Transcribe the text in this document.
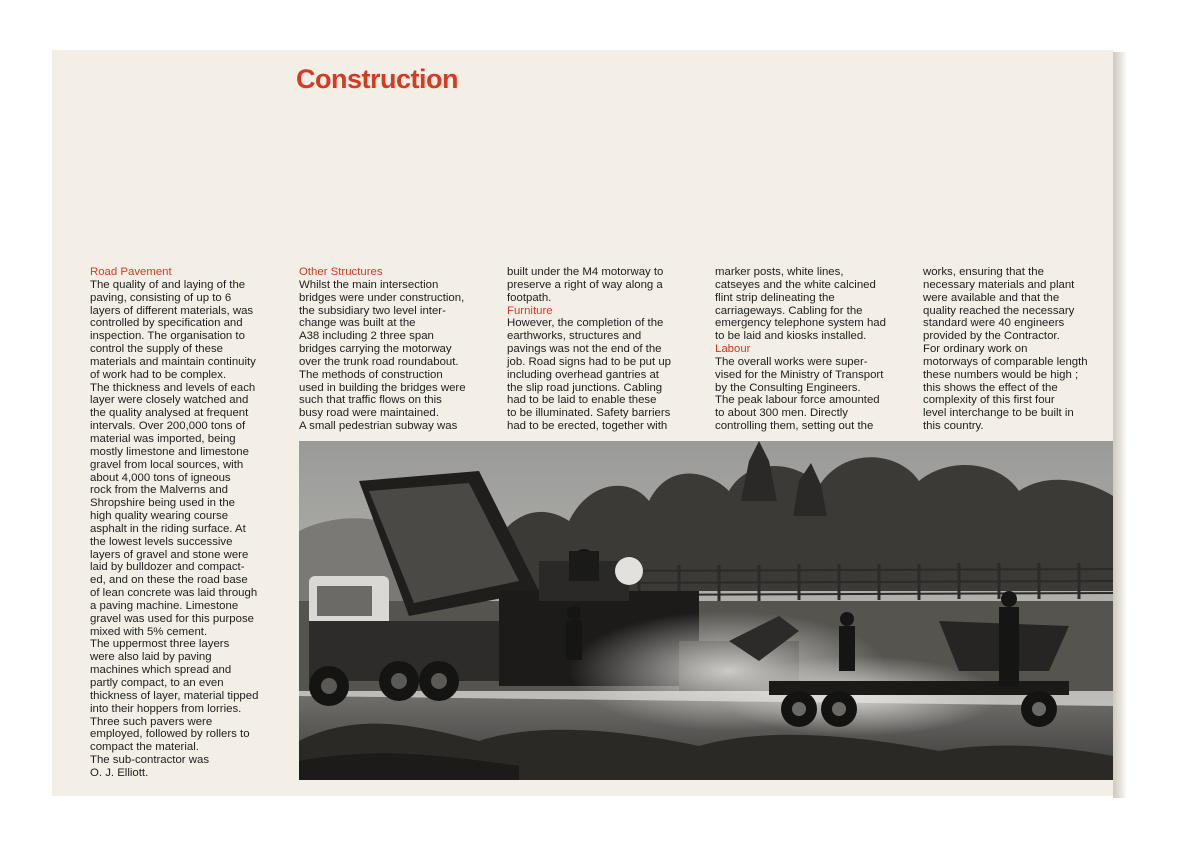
Construction
Road Pavement

The quality of and laying of the
paving, consisting of up to 6
layers of different materials, was
controlled by specification and
inspection. The organisation to
control the supply of these
materials and maintain continuity
of work had to be complex.

The thickness and levels of each
layer were closely watched and
the quality analysed at frequent
intervals. Over 200,000 tons of
material was imported, being
mostly limestone and limestone
gravel from local sources, with
about 4,000 tons of igneous
rock from the Malverns and
Shropshire being used in the
high quality wearing course
asphalt in the riding surface. At
the lowest levels successive
layers of gravel and stone were
laid by bulldozer and compact-
ed, and on these the road base
of lean concrete was laid through
a paving machine. Limestone
gravel was used for this purpose
mixed with 5% cement.

The uppermost three layers
were also laid by paving
machines which spread and
partly compact, to an even
thickness of layer, material tipped
into their hoppers from lorries.
Three such pavers were
employed, followed by rollers to
compact the material.

The sub-contractor was
O. J. Elliott.

Other Structures

Whilst the main intersection
bridges were under construction,
the subsidiary two level inter-
change was built at the
A38 including 2 three span
bridges carrying the motorway
over the trunk road roundabout.

The methods of construction
used in building the bridges were
such that traffic flows on this
busy road were maintained.

A small pedestrian subway was

built under the M4 motorway to
preserve a right of way along a
footpath.

Furniture

However, the completion of the
earthworks, structures and
pavings was not the end of the
job. Road signs had to be put up
including overhead gantries at
the slip road junctions. Cabling
had to be laid to enable these
to be illuminated. Safety barriers
had to be erected, together with

marker posts, white lines,
catseyes and the white calcined
flint strip delineating the
carriageways. Cabling for the
emergency telephone system had
to be laid and kiosks installed.

Labour

The overall works were super-
vised for the Ministry of Transport
by the Consulting Engineers.

The peak labour force amounted
to about 300 men. Directly
controlling them, setting out the

works, ensuring that the
necessary materials and plant
were available and that the
quality reached the necessary
standard were 40 engineers
provided by the Contractor.

For ordinary work on
motorways of comparable length
these numbers would be high ;
this shows the effect of the
complexity of this first four
level interchange to be built in
this country.
